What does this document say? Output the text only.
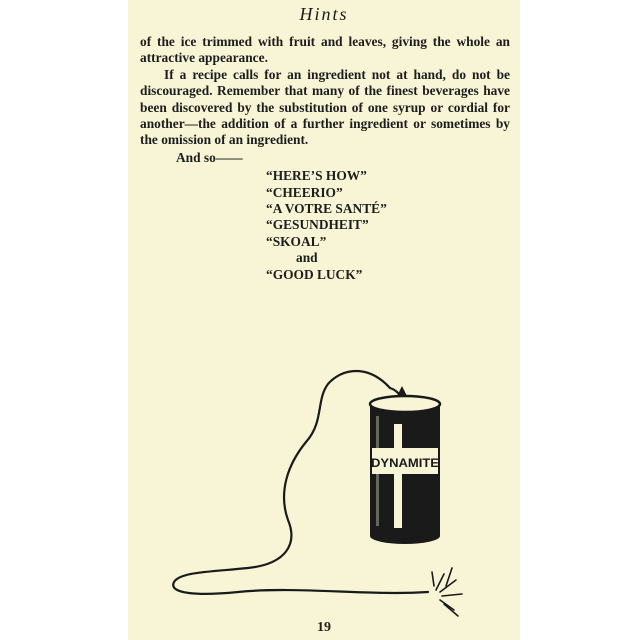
Hints

of the ice trimmed with fruit and leaves, giving the whole an attractive appearance.

If a recipe calls for an ingredient not at hand, do not be discouraged. Remember that many of the finest beverages have been discovered by the substitution of one syrup or cordial for another—the addition of a further ingredient or sometimes by the omission of an ingredient.

And so——

“HERE’S HOW”
“CHEERIO”
“A VOTRE SANTÉ”
“GESUNDHEIT”
“SKOAL”
and
“GOOD LUCK”
DYNAMITE
19
